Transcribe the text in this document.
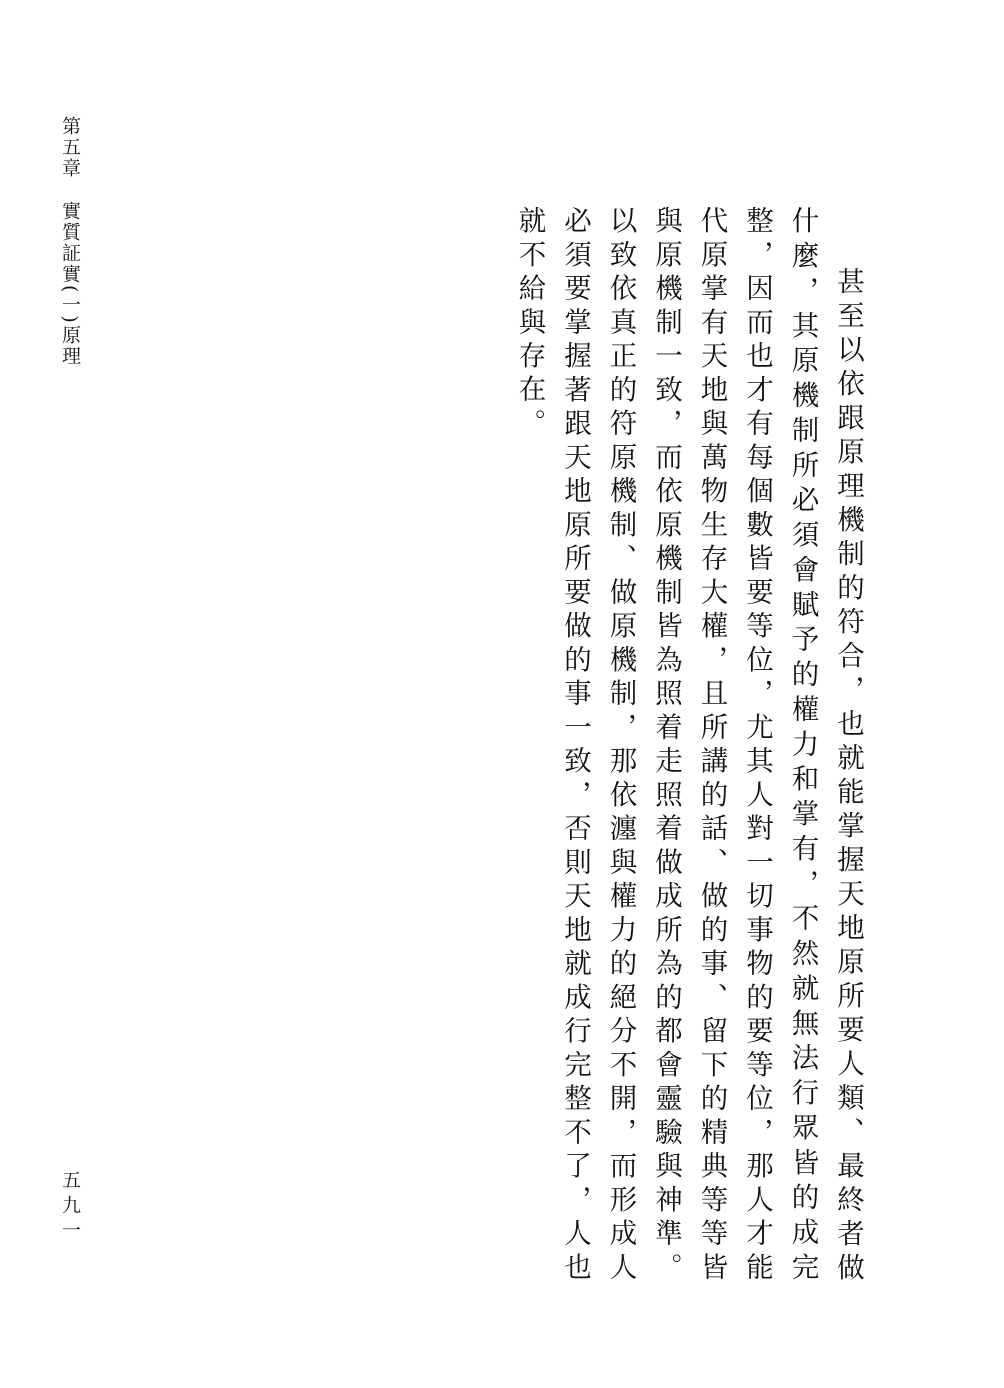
第五章實質証實(一)原理
五九一	甚至以依跟原理機制的符合，也就能掌握天地原所要人類、最終者做什麼，其原機制所必須會賦予的權力和掌有，不然就無法行眾皆的成完整，因而也才有每個數皆要等位，尤其人對一切事物的要等位，那人才能代原掌有天地與萬物生存大權，且所講的話、做的事、留下的精典等等皆與原機制一致，而依原機制皆為照着走照着做成所為的都會靈驗與神準。以致依真正的符原機制、做原機制，那依瀍與權力的絕分不開，而形成人必須要掌握著跟天地原所要做的事一致，否則天地就成行完整不了，人也就不給與存在。
